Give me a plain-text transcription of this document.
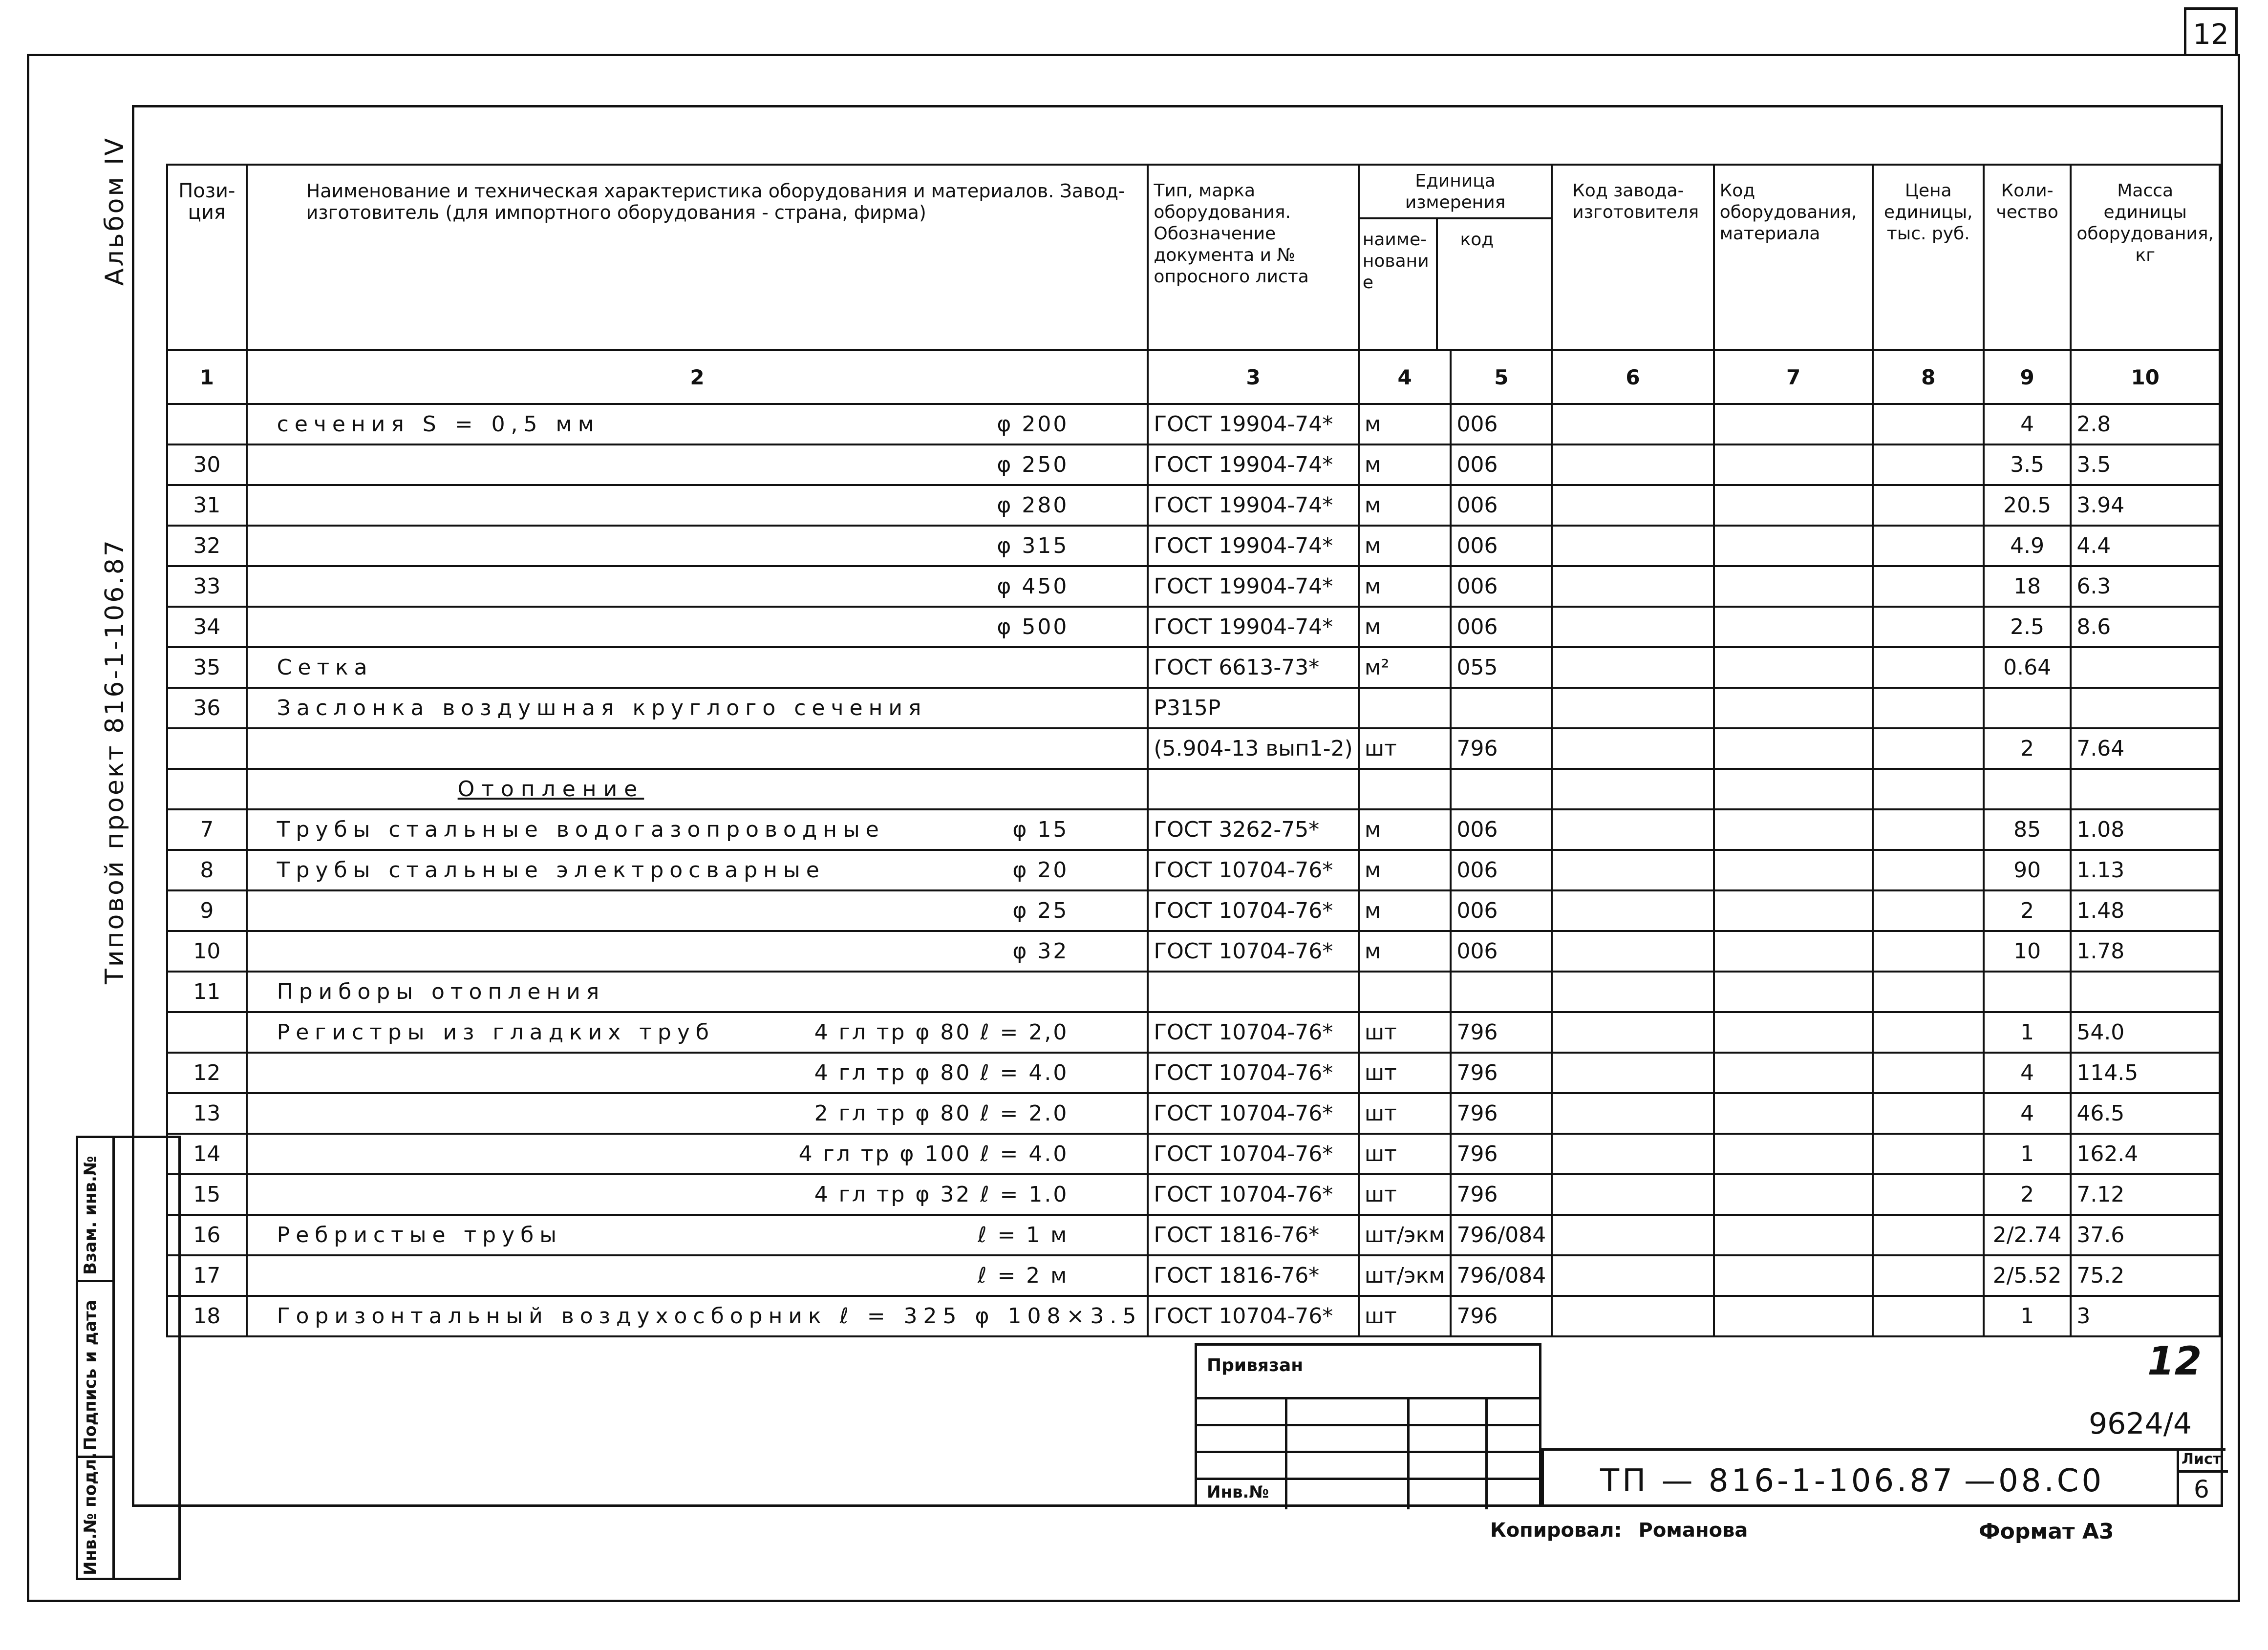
12
Альбом IV
Типовой проект 816-1-106.87
Пози-ция	Наименование и техническая характеристика оборудования и материалов. Завод-изготовитель (для импортного оборудования - страна, фирма)	Тип, марка оборудования. Обозначение документа и № опросного листа	Единица измерения
наиме-нование
код		Код завода-изготовителя	Код оборудования, материала	Цена единицы, тыс. руб.	Коли-чество	Масса единицы оборудования, кг
1	2	3	4	5	6	7	8	9	10
	сечения S = 0,5 мм φ 200	ГОСТ 19904-74*	м	006				4	2.8
30	φ 250	ГОСТ 19904-74*	м	006				3.5	3.5
31	φ 280	ГОСТ 19904-74*	м	006				20.5	3.94
32	φ 315	ГОСТ 19904-74*	м	006				4.9	4.4
33	φ 450	ГОСТ 19904-74*	м	006				18	6.3
34	φ 500	ГОСТ 19904-74*	м	006				2.5	8.6
35	Сетка	ГОСТ 6613-73*	м²	055				0.64	
36	Заслонка воздушная круглого сечения	Р315Р							

	(5.904-13 вып1-2)	шт	796				2	7.64
	Отопление								
7	Трубы стальные водогазопроводные φ 15	ГОСТ 3262-75*	м	006				85	1.08
8	Трубы стальные электросварные φ 20	ГОСТ 10704-76*	м	006				90	1.13
9	φ 25	ГОСТ 10704-76*	м	006				2	1.48
10	φ 32	ГОСТ 10704-76*	м	006				10	1.78
11	Приборы отопления

	Регистры из гладких труб 4 гл тр φ 80 ℓ = 2,0	ГОСТ 10704-76*	шт	796				1	54.0
12	4 гл тр φ 80 ℓ = 4.0	ГОСТ 10704-76*	шт	796				4	114.5
13	2 гл тр φ 80 ℓ = 2.0	ГОСТ 10704-76*	шт	796				4	46.5
14	4 гл тр φ 100 ℓ = 4.0	ГОСТ 10704-76*	шт	796				1	162.4
15	4 гл тр φ 32 ℓ = 1.0	ГОСТ 10704-76*	шт	796				2	7.12
16	Ребристые трубы ℓ = 1 м	ГОСТ 1816-76*	шт/экм	796/084				2/2.74	37.6
17	ℓ = 2 м	ГОСТ 1816-76*	шт/экм	796/084				2/5.52	75.2
18	Горизонтальный воздухосборник ℓ = 325 φ 108×3.5	ГОСТ 10704-76*	шт	796				1	3
Привязан
Инв.№
12
9624/4
ТП — 816-1-106.87 —08.С0
Лист
6
Взам. инв.№
Подпись и дата
Инв.№ подл.	Копировал: Романова	Формат А3
